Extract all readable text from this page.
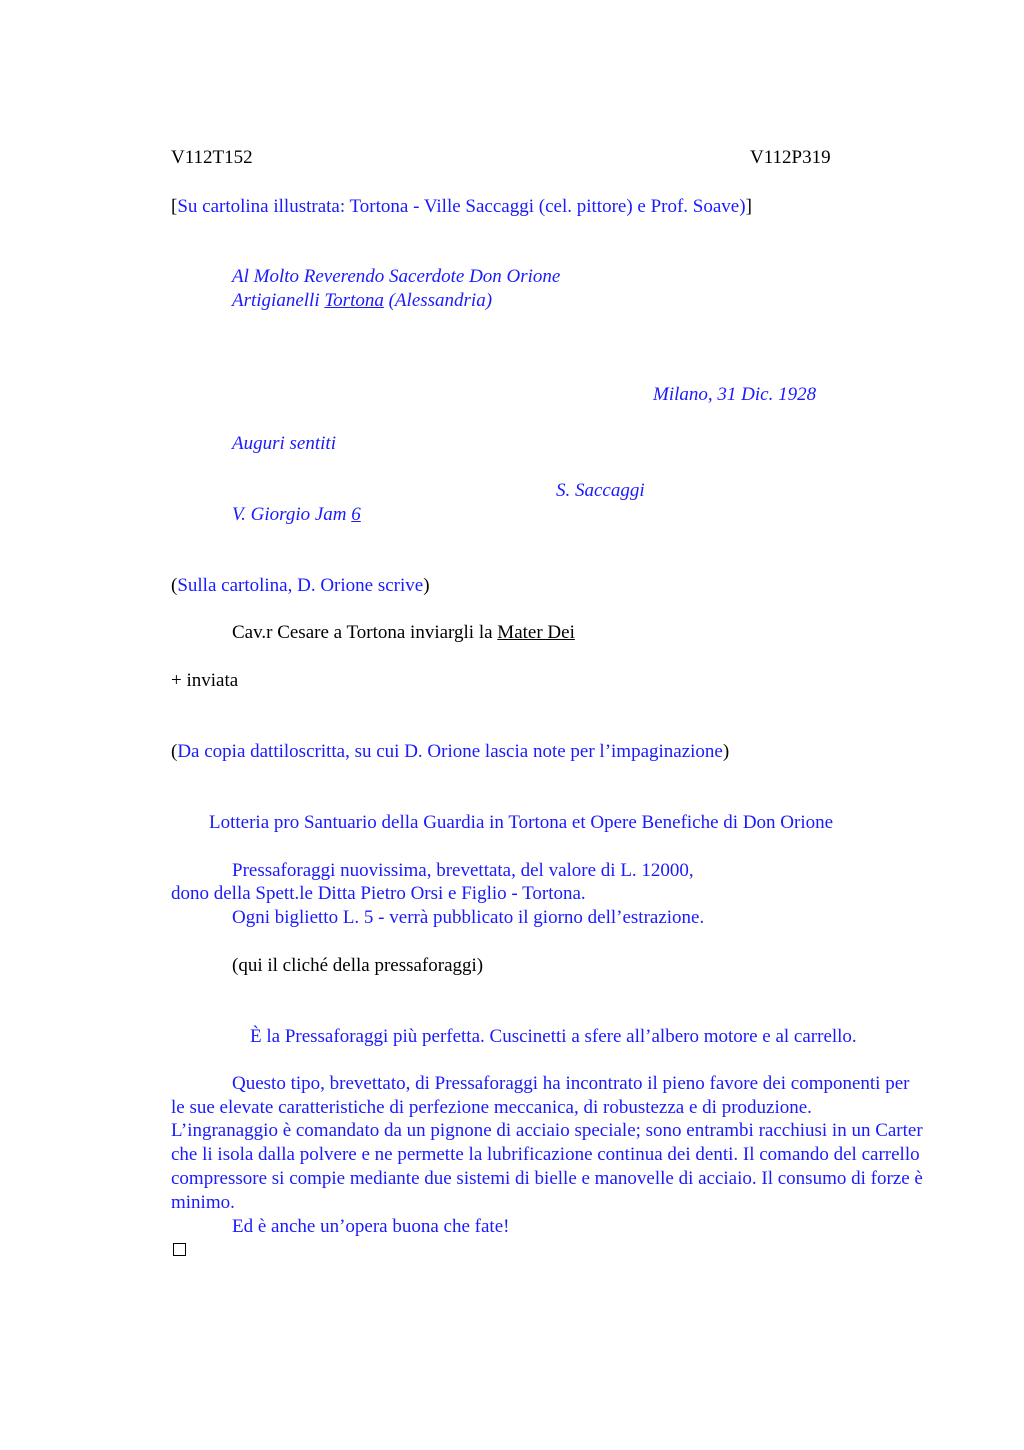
V112T152	V112P319
[Su cartolina illustrata: Tortona - Ville Saccaggi (cel. pittore) e Prof. Soave)]
Al Molto Reverendo Sacerdote Don Orione
Artigianelli Tortona (Alessandria)
Milano, 31 Dic. 1928
Auguri sentiti
S. Saccaggi
V. Giorgio Jam 6
(Sulla cartolina, D. Orione scrive)
Cav.r Cesare a Tortona inviargli la Mater Dei
+ inviata
(Da copia dattiloscritta, su cui D. Orione lascia note per l’impaginazione)
Lotteria pro Santuario della Guardia in Tortona et Opere Benefiche di Don Orione
Pressaforaggi nuovissima, brevettata, del valore di L. 12000,
dono della Spett.le Ditta Pietro Orsi e Figlio - Tortona.
Ogni biglietto L. 5 - verrà pubblicato il giorno dell’estrazione.
(qui il cliché della pressaforaggi)
È la Pressaforaggi più perfetta. Cuscinetti a sfere all’albero motore e al carrello.

Questo tipo, brevettato, di Pressaforaggi ha incontrato il pieno favore dei componenti per le sue elevate caratteristiche di perfezione meccanica, di robustezza e di produzione. L’ingranaggio è comandato da un pignone di acciaio speciale; sono entrambi racchiusi in un Carter che li isola dalla polvere e ne permette la lubrificazione continua dei denti. Il comando del carrello compressore si compie mediante due sistemi di bielle e manovelle di acciaio. Il consumo di forze è minimo.

Ed è anche un’opera buona che fate!
